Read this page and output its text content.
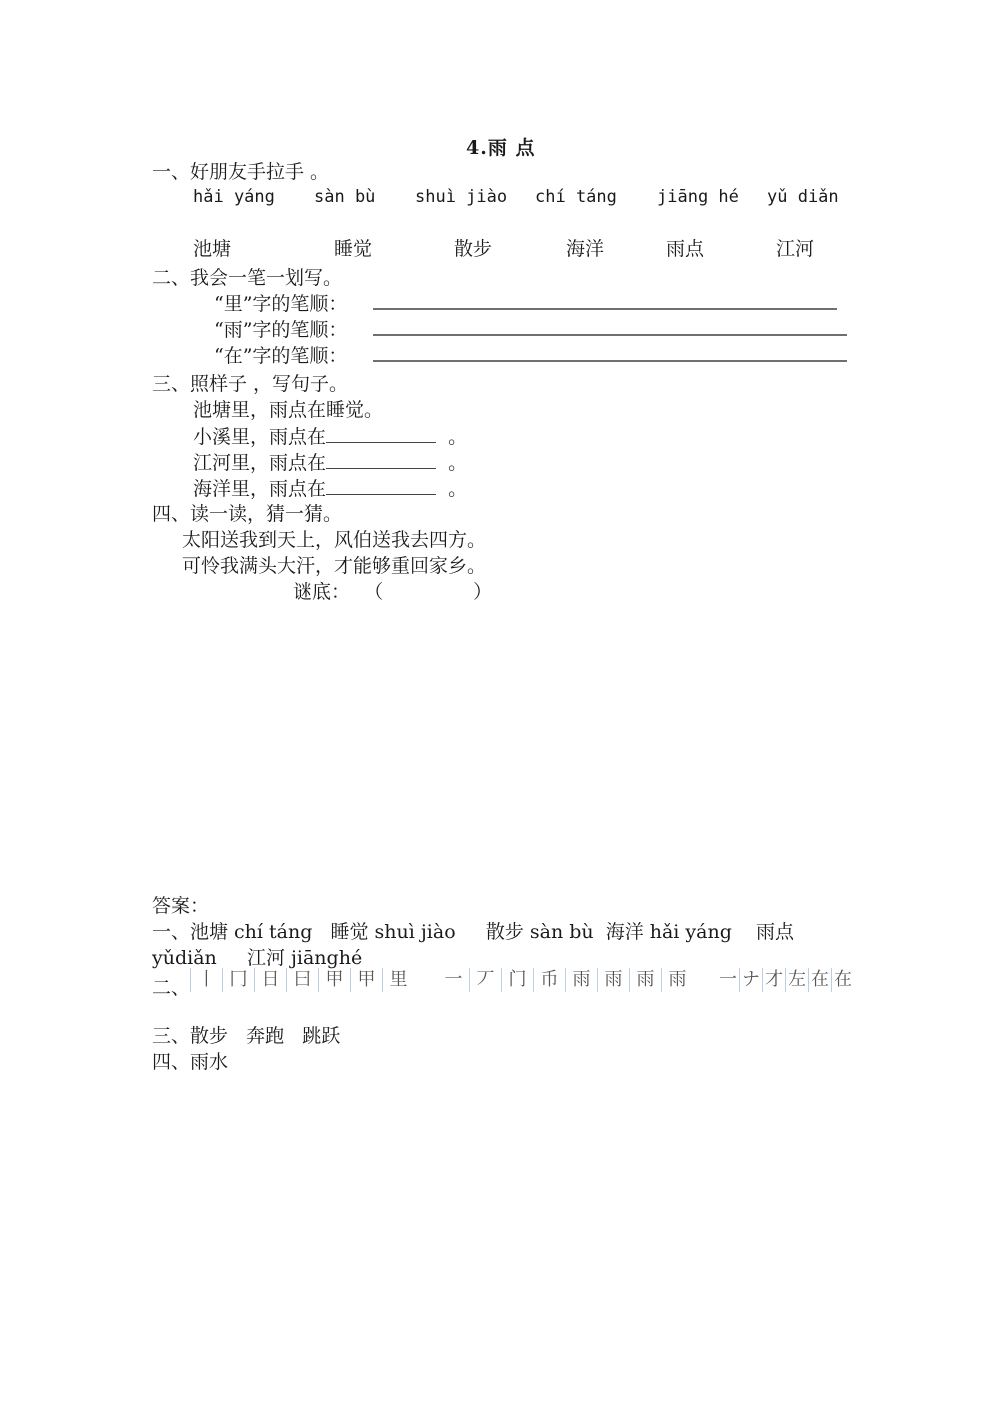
4.雨 点
一、好朋友手拉手 。
hǎi yáng sàn bù shuì jiào chí táng jiāng hé yǔ diǎn
池塘	睡觉	散步	海洋	雨点	江河
二、我会一笔一划写。
“里”字的笔顺：
“雨”字的笔顺：
“在”字的笔顺：
三、照样子 ，写句子。
池塘里，雨点在睡觉。
小溪里，雨点在	。
江河里，雨点在	。
海洋里，雨点在	。
四、读一读，猜一猜。
太阳送我到天上，风伯送我去四方。
可怜我满头大汗，才能够重回家乡。
谜底： （	）
答案：
一、池塘 chí táng   睡觉 shuì jiào     散步 sàn bù  海洋 hǎi yáng    雨点
yǔdiǎn     江河 jiānghé
二、 丨 冂 日 曰 甲 甲 里	一 丆 门 币 雨 雨 雨 雨	一 ナ 才 左 在 在
三、散步   奔跑   跳跃
四、雨水
